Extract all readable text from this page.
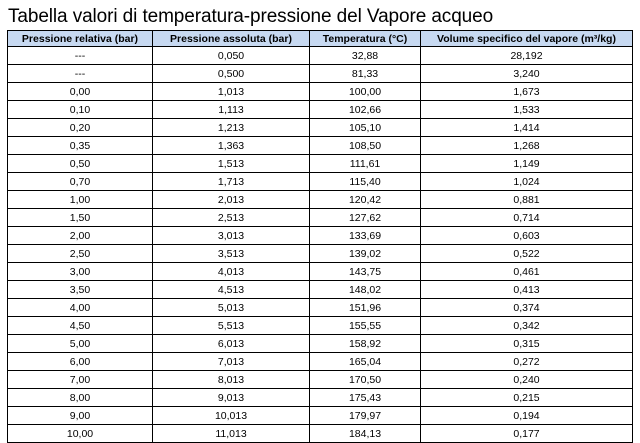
Tabella valori di temperatura-pressione del Vapore acqueo
Pressione relativa (bar)	Pressione assoluta (bar)	Temperatura (°C)	Volume specifico del vapore (m³/kg)
---	0,050	32,88	28,192
---	0,500	81,33	3,240
0,00	1,013	100,00	1,673
0,10	1,113	102,66	1,533
0,20	1,213	105,10	1,414
0,35	1,363	108,50	1,268
0,50	1,513	111,61	1,149
0,70	1,713	115,40	1,024
1,00	2,013	120,42	0,881
1,50	2,513	127,62	0,714
2,00	3,013	133,69	0,603
2,50	3,513	139,02	0,522
3,00	4,013	143,75	0,461
3,50	4,513	148,02	0,413
4,00	5,013	151,96	0,374
4,50	5,513	155,55	0,342
5,00	6,013	158,92	0,315
6,00	7,013	165,04	0,272
7,00	8,013	170,50	0,240
8,00	9,013	175,43	0,215
9,00	10,013	179,97	0,194
10,00	11,013	184,13	0,177
